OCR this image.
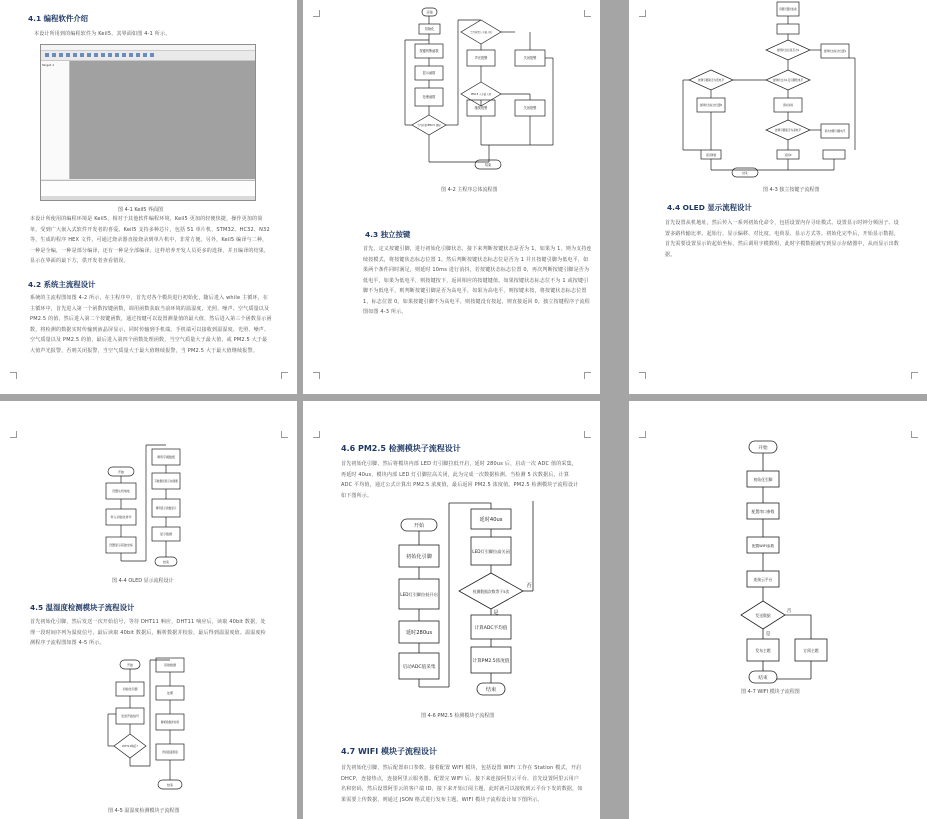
4.1 编程软件介绍
本设计所用到的编程软件为 Keil5，其界面如图 4-1 所示。
Target 1
图 4-1 Keil5 界面图
本设计所使用的编程环境是 Keil5，相对于其他软件编程环境，Keil5 更加的轻便快捷，操作更加的简单，受到广大嵌入式软件开发者的喜爱。Keil5 支持多种芯片，包括 51 单片机、STM32、HC32、N32 等，生成的程序 HEX 文件，可通过烧录器直接烧录到单片机中，非常方便。另外，Keil5 编译与二种，一种是全编，一种是部分编译，还有一种是全部编译，这样培养开发人员更多的选择，并且编译的结果，显示在界面的最下方，供开发者查看错误。
4.2 系统主流程设计
系统的主流程图如图 4-2 所示，在主程序中，首先对各个模块进行初始化，随后进入 while 主循环，在主循环中，首先进入第一个函数按键函数，调用函数获取当前环境的温湿度、光照、噪声、空气质量以及 PM2.5 的值，然后进入第二个按键函数，通过按键可以设置测量值的最大值，然后进入第三个函数显示函数，将检测的数据实时传输到液晶屏显示，同时传输到手机端。手机端可以接收到温湿度、光照、噪声、空气质量以及 PM2.5 的值，最后进入第四个函数处理函数，当空气质量大于最大值，或 PM2.5 大于最大值声光报警，否则关闭报警，当空气质量大于最大值继续报警，当 PM2.5 大于最大值继续报警。
开始
初始化
按键判断函数
显示函数
处理函数
空气质量/PM2.5 超标
空气质量大于最大值
声光报警	关闭报警
PM2.5 大于最大值
继续报警	关闭报警
结束
图 4-2 主程序总体流程图
4.3 独立按键
首先，定义按键引脚，进行初始化引脚状态，接下来判断按键状态是否为 1，如果为 1，则为支持连续按模式，将按键状态标志位置 1。然后判断按键状态标志位是否为 1 并且按键引脚为低电平，如果两个条件同时满足，则延时 10ms 进行消抖，若按键状态标志位置 0，再次判断按键引脚是否为低电平，如果为低电平，则按键按下，返回相应的按键键值。如果按键状态标志位不为 1 或按键引脚不为低电平，则判断按键引脚是否为高电平，如果为高电平，则按键未按，将按键状态标志位置 1，标志位置 0。如果按键引脚不为高电平，则按键没有按起，则直接返回 0。独立按键程序子流程图如图 4-3 所示。
引脚设置初始化
按键状态位是否为1	按键状态标志位置1
按键状态为1且引脚低电平
按键引脚是否为低电平
延时消抖
按键状态标志位置0
按键引脚是否为高电平	再次判断引脚电平
返回键值	返回0
结束
图 4-3 独立按键子流程图
4.4 OLED 显示流程设计
首先设置从机地址，然后传入一系列初始化命令，包括设置内存寻址模式、设置显示时钟分频因子、设置多路传输比率、起始行、显示偏移、对比度、电荷泵、显示方式等。初始化完毕后，开始显示数据，首先需要设置显示的起始坐标，然后调用字模数组，此时字模数据被写到显示存储器中，从而显示出数据。
开始
设置从机地址
传入初始化命令
设置显示起始坐标
调用字模数组
写数据到显示存储器
调用显示函数显示
显示数据
结束
图 4-4 OLED 显示流程设计
4.5 温湿度检测模块子流程设计
首先初始化引脚，然后发送一次开始信号，等待 DHT11 响应，DHT11 响应后，读取 40bit 数据，处理一段时间序列为温度信号，最后读取 40bit 数据后，解析数据并校验，最后得到温湿度值。温湿度检测程序子流程图如图 4-5 所示。
开始
初始化引脚
发送开始信号
DHT11响应?
读取数据
处理
解析数据并校验
得到温湿度值
结束
图 4-5 温湿度检测模块子流程图
4.6 PM2.5 检测模块子流程设计
首先初始化引脚，然后将模块内部 LED 灯引脚拉低开启，延时 280us 后，启动一次 ADC 值的采集，再延时 40us，模块内部 LED 灯引脚拉高关闭，此为完成一次数据检测。当检测 5 次数据后，计算 ADC 平均值，通过公式计算出 PM2.5 浓度值，最后返回 PM2.5 浓度值。PM2.5 检测模块子流程设计如下图所示。
开始
初始化引脚
LED灯引脚拉低开启
延时280us
启动ADC值采集
延时40us
LED灯引脚拉高关闭
检测数据次数等于5次
否
是
计算ADC平均值
计算PM2.5浓度值
结束
图 4-6 PM2.5 检测模块子流程图
4.7 WIFI 模块子流程设计
首先初始化引脚，然后配置串口参数，接着配置 WIFI 模块，包括设置 WIFI 工作在 Station 模式，开启 DHCP，连接热点，连接阿里云服务器。配置完 WIFI 后，接下来连接阿里云平台，首先设置阿里云用户名和密码，然后设置阿里云的客户端 ID，接下来开始订阅主题，此时就可以接收到云平台下发的数据，如果需要上传数据，则通过 JSON 格式进行发布主题。WIFI 模块子流程设计如下图所示。
开始
初始化引脚
配置串口参数
配置WIFI参数
连接云平台
发送数据
否
是
发布主题	订阅主题
结束
图 4-7 WIFI 模块子流程图
